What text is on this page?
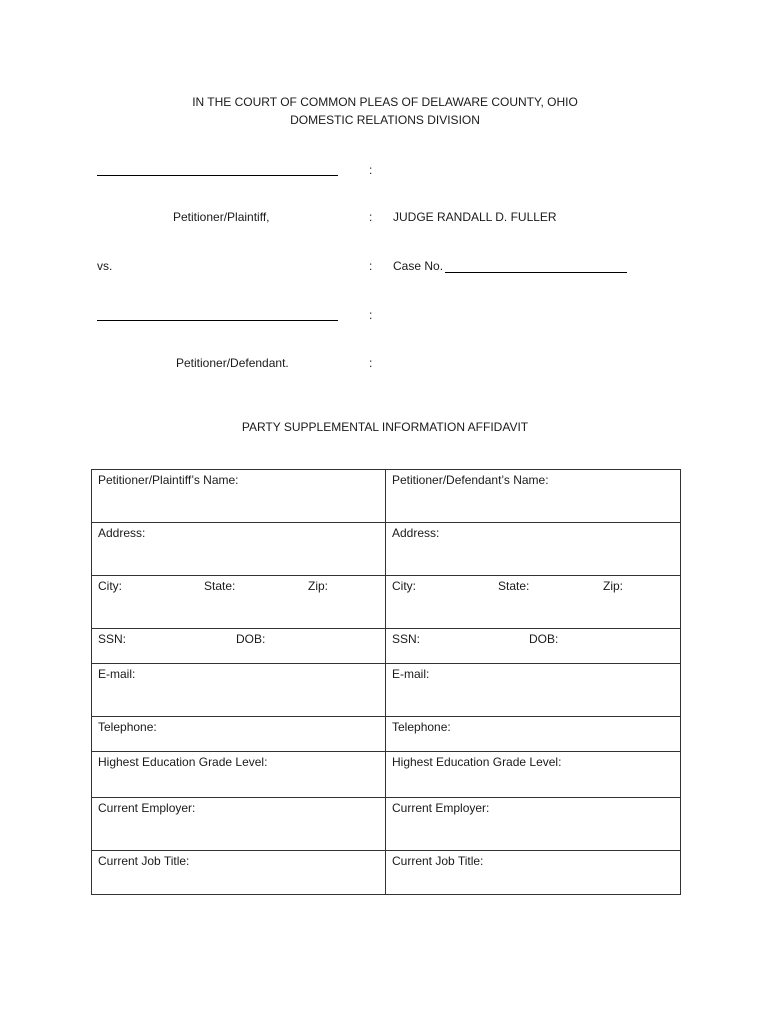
IN THE COURT OF COMMON PLEAS OF DELAWARE COUNTY, OHIO
DOMESTIC RELATIONS DIVISION
:
Petitioner/Plaintiff,	: JUDGE RANDALL D. FULLER
vs.	: Case No.
:
Petitioner/Defendant.	:
PARTY SUPPLEMENTAL INFORMATION AFFIDAVIT
Petitioner/Plaintiff’s Name:	Petitioner/Defendant’s Name:
Address:	Address:
City: State: Zip:	City: State: Zip:

SSN: DOB:	SSN: DOB:

E-mail:	E-mail:
Telephone:	Telephone:
Highest Education Grade Level:	Highest Education Grade Level:
Current Employer:	Current Employer:
Current Job Title:	Current Job Title:
